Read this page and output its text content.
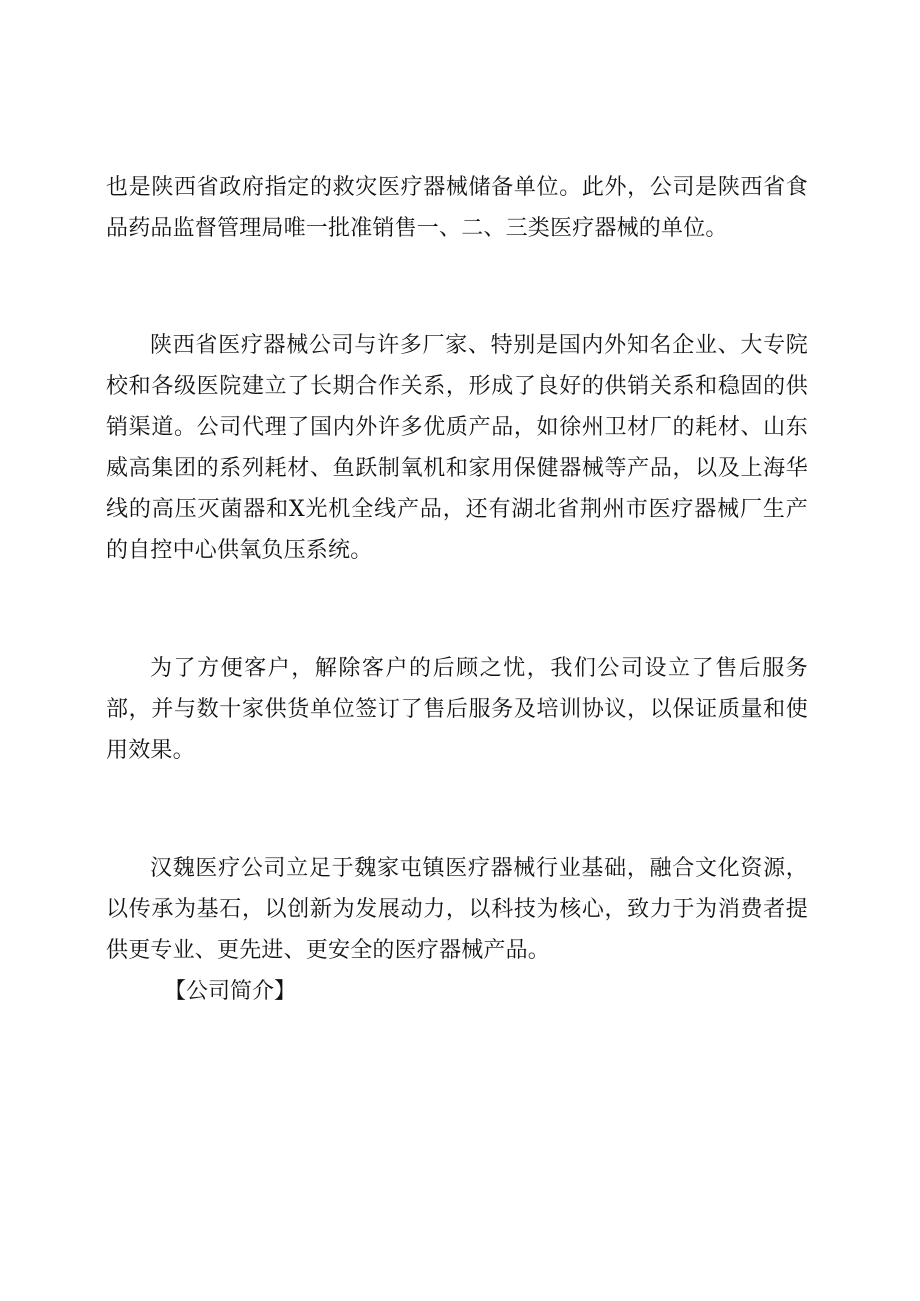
也是陕西省政府指定的救灾医疗器械储备单位。此外，公司是陕西省食品药品监督管理局唯一批准销售一、二、三类医疗器械的单位。

陕西省医疗器械公司与许多厂家、特别是国内外知名企业、大专院校和各级医院建立了长期合作关系，形成了良好的供销关系和稳固的供销渠道。公司代理了国内外许多优质产品，如徐州卫材厂的耗材、山东威高集团的系列耗材、鱼跃制氧机和家用保健器械等产品，以及上海华线的高压灭菌器和X光机全线产品，还有湖北省荆州市医疗器械厂生产的自控中心供氧负压系统。

为了方便客户，解除客户的后顾之忧，我们公司设立了售后服务部，并与数十家供货单位签订了售后服务及培训协议，以保证质量和使用效果。

汉魏医疗公司立足于魏家屯镇医疗器械行业基础，融合文化资源，以传承为基石，以创新为发展动力，以科技为核心，致力于为消费者提供更专业、更先进、更安全的医疗器械产品。

【公司简介】
